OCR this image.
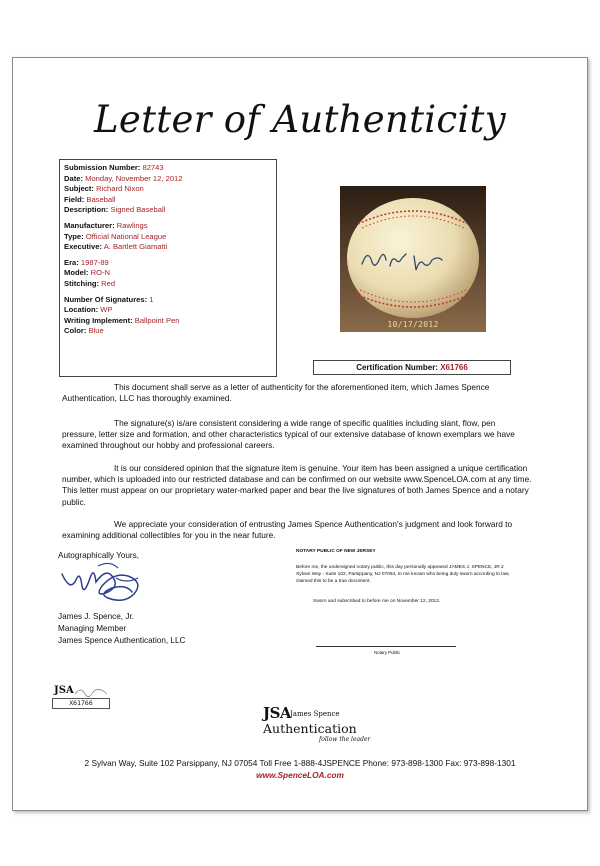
Letter of Authenticity
Submission Number: 82743
Date: Monday, November 12, 2012
Subject: Richard Nixon
Field: Baseball
Description: Signed Baseball
Manufacturer: Rawlings
Type: Official National League
Executive: A. Bartlett Giamatti
Era: 1987-89
Model: RO-N
Stitching: Red
Number Of Signatures: 1
Location: WP
Writing Implement: Ballpoint Pen
Color: Blue
10/17/2012
Certification Number: X61766
This document shall serve as a letter of authenticity for the aforementioned item, which James Spence Authentication, LLC has thoroughly examined.
The signature(s) is/are consistent considering a wide range of specific qualities including slant, flow, pen pressure, letter size and formation, and other characteristics typical of our extensive database of known exemplars we have examined throughout our hobby and professional careers.
It is our considered opinion that the signature item is genuine. Your item has been assigned a unique certification number, which is uploaded into our restricted database and can be confirmed on our website www.SpenceLOA.com at any time. This letter must appear on our proprietary water-marked paper and bear the live signatures of both James Spence and a notary public.
We appreciate your consideration of entrusting James Spence Authentication's judgment and look forward to examining additional collectibles for you in the near future.
Autographically Yours,
James J. Spence, Jr.
Managing Member
James Spence Authentication, LLC
NOTARY PUBLIC OF NEW JERSEY
Before me, the undersigned notary public, this day personally appeared JAMES J. SPENCE, JR 2 Sylvan Way - Suite 102, Parsippany, NJ 07054, to me known who being duly sworn according to law, claimed this to be a true document.
Sworn and subscribed to before me on November 12, 2012.
Notary Public
JSA
X61766
JSA
James Spence
Authentication
follow the leader
2 Sylvan Way, Suite 102 Parsippany, NJ 07054 Toll Free 1-888-4JSPENCE Phone: 973-898-1300 Fax: 973-898-1301
www.SpenceLOA.com
